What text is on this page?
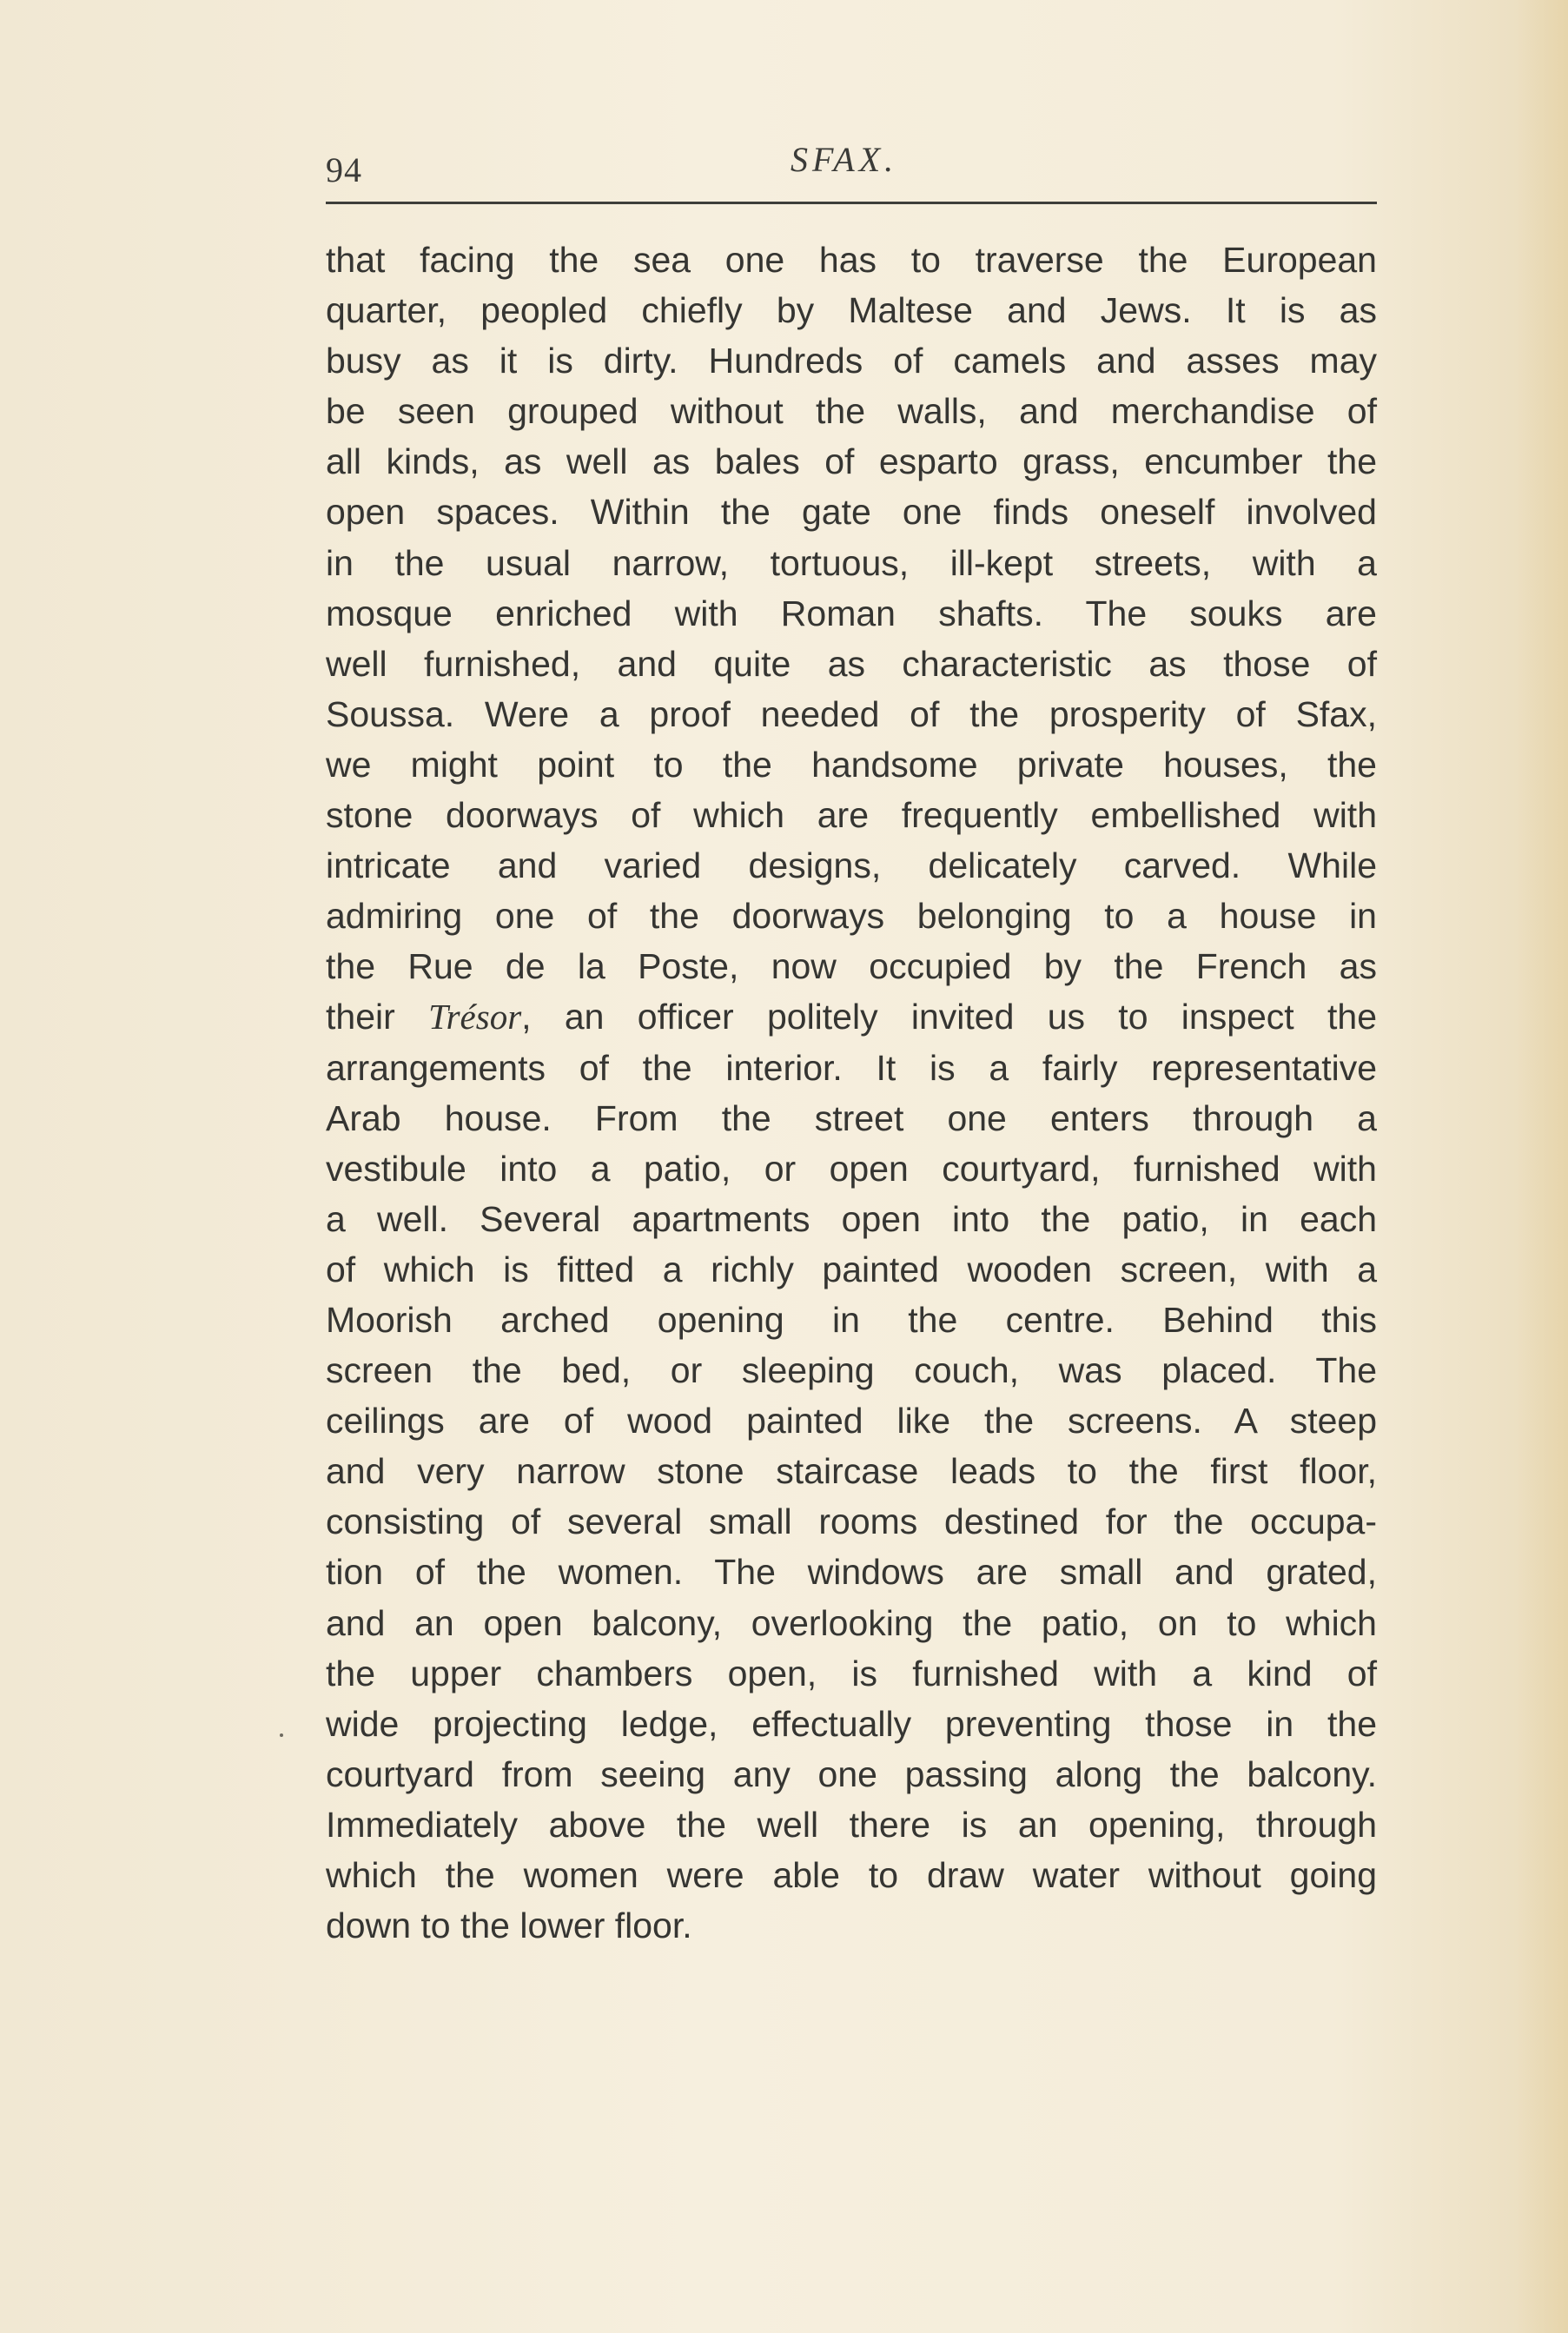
94	SFAX.
that facing the sea one has to traverse the European
quarter, peopled chiefly by Maltese and Jews. It is as
busy as it is dirty. Hundreds of camels and asses may
be seen grouped without the walls, and merchandise of
all kinds, as well as bales of esparto grass, encumber the
open spaces. Within the gate one finds oneself involved
in the usual narrow, tortuous, ill-kept streets, with a
mosque enriched with Roman shafts. The souks are
well furnished, and quite as characteristic as those of
Soussa. Were a proof needed of the prosperity of Sfax,
we might point to the handsome private houses, the
stone doorways of which are frequently embellished with
intricate and varied designs, delicately carved. While
admiring one of the doorways belonging to a house in
the Rue de la Poste, now occupied by the French as
their Trésor, an officer politely invited us to inspect the
arrangements of the interior. It is a fairly representative
Arab house. From the street one enters through a
vestibule into a patio, or open courtyard, furnished with
a well. Several apartments open into the patio, in each
of which is fitted a richly painted wooden screen, with a
Moorish arched opening in the centre. Behind this
screen the bed, or sleeping couch, was placed. The
ceilings are of wood painted like the screens. A steep
and very narrow stone staircase leads to the first floor,
consisting of several small rooms destined for the occupa-
tion of the women. The windows are small and grated,
and an open balcony, overlooking the patio, on to which
the upper chambers open, is furnished with a kind of
wide projecting ledge, effectually preventing those in the
courtyard from seeing any one passing along the balcony.
Immediately above the well there is an opening, through
which the women were able to draw water without going
down to the lower floor.
